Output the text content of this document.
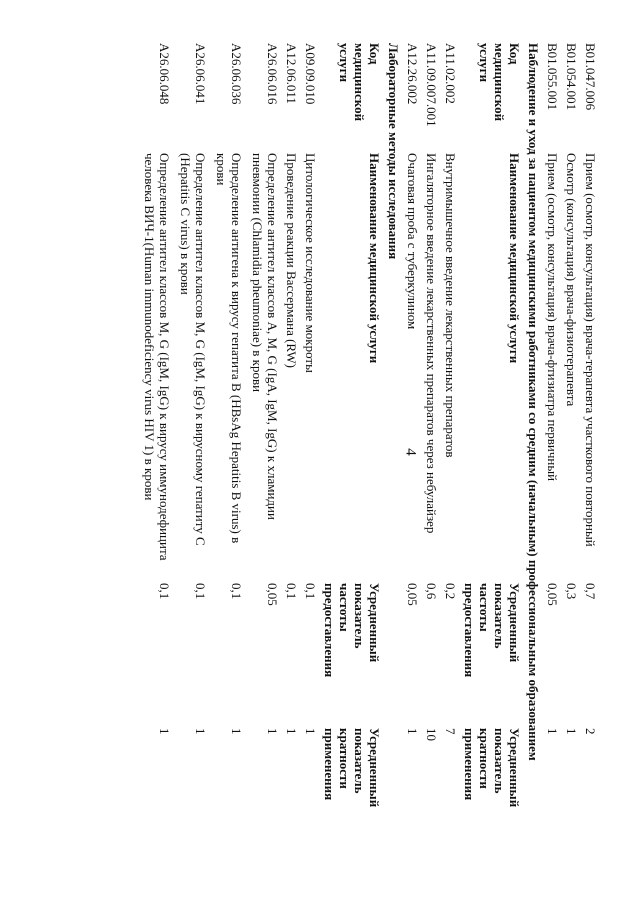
4
B01.047.006	Прием (осмотр, консультация) врача-терапевта участкового повторный	0,7	2
B01.054.001	Осмотр (консультация) врача-физиотерапевта	0,3	1
B01.055.001	Прием (осмотр, консультация) врача-фтизиатра первичный	0,05	1
Наблюдение и уход за пациентом медицинскими работниками со средним (начальным) профессиональным образованием			

Код
медицинской
услуги	Наименование медицинской услуги	Усредненный
показатель
частоты
предоставления	Усредненный
показатель
кратности
применения

A11.02.002	Внутримышечное введение лекарственных препаратов	0,2	7
A11.09.007.001	Ингаляторное введение лекарственных препаратов через небулайзер	0,6	10
A12.26.002	Очаговая проба с туберкулином	0,05	1
Лабораторные методы исследования			

Код
медицинской
услуги	Наименование медицинской услуги	Усредненный
показатель
частоты
предоставления	Усредненный
показатель
кратности
применения

A09.09.010	Цитологическое исследование мокроты	0,1	1
A12.06.011	Проведение реакции Вассермана (RW)	0,1	1
A26.06.016	Определение антител классов A, M, G (IgA, IgM, IgG) к хламидии пневмонии (Chlamidia pheumoniae) в крови	0,05	1
A26.06.036	Определение антигена к вирусу гепатита B (HBsAg Hepatitis B virus) в крови	0,1	1
A26.06.041	Определение антител классов M, G (IgM, IgG) к вирусному гепатиту C (Hepatitis C virus) в крови	0,1	1
A26.06.048	Определение антител классов M, G (IgM, IgG) к вирусу иммунодефицита человека ВИЧ-1(Human immunodeficiency virus HIV 1) в крови	0,1	1
